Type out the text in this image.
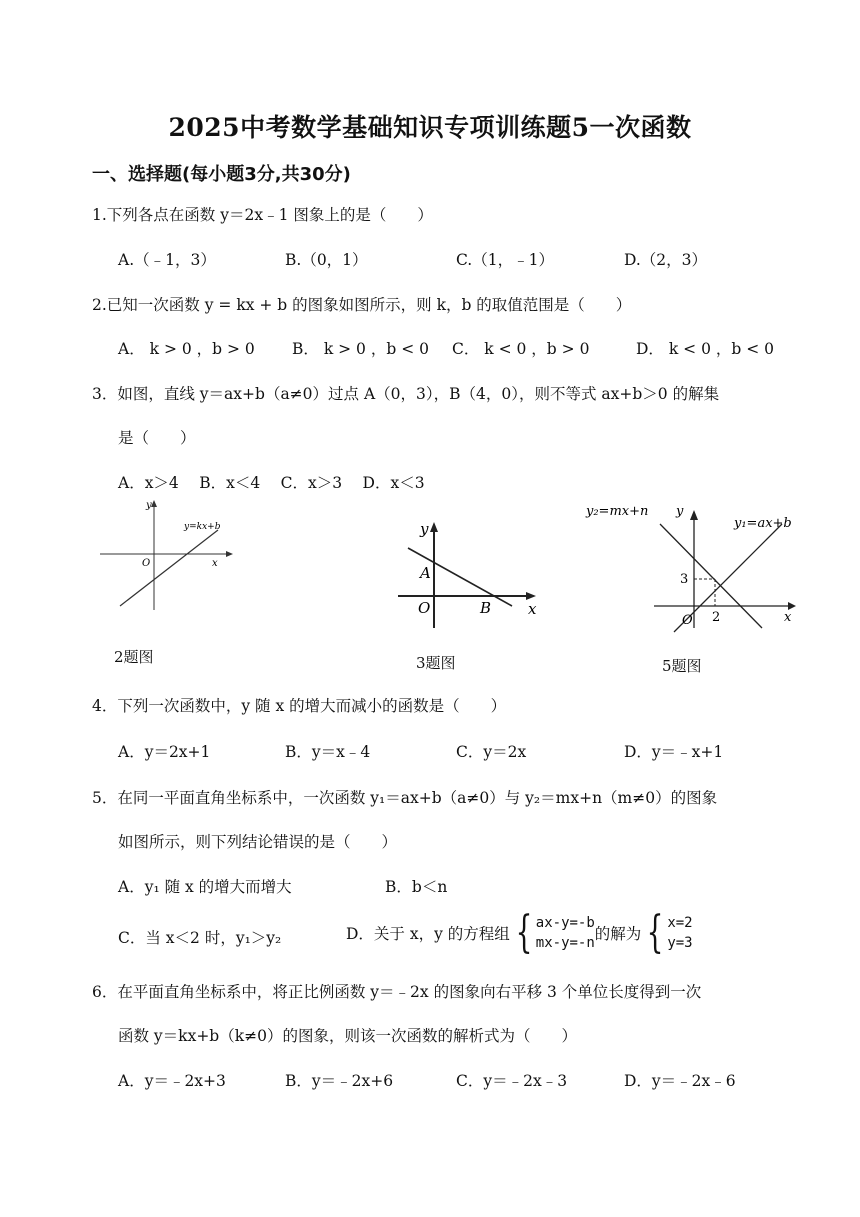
2025中考数学基础知识专项训练题5一次函数
一、选择题(每小题3分,共30分)
1.下列各点在函数 y＝2x﹣1 图象上的是（　　）
A.（﹣1，3）	B.（0，1）	C.（1，﹣1）	D.（2，3）
2.已知一次函数 y = kx + b 的图象如图所示，则 k，b 的取值范围是（　　）
A． k > 0 ，b > 0 B． k > 0 ，b < 0 C． k < 0 ，b > 0	D． k < 0 ，b < 0
3．如图，直线 y＝ax+b（a≠0）过点 A（0，3），B（4，0），则不等式 ax+b＞0 的解集
是（　　）
A．x＞4　 B．x＜4　 C．x＞3　 D．x＜3
y
x
O
y=kx+b
2题图
y
x
O
A
B
3题图
y₂=mx+n
y₁=ax+b
y
x
O
3
2
5题图
4．下列一次函数中，y 随 x 的增大而减小的函数是（　　）
A．y＝2x+1	B．y＝x﹣4	C．y＝2x	D．y＝﹣x+1
5．在同一平面直角坐标系中，一次函数 y₁＝ax+b（a≠0）与 y₂＝mx+n（m≠0）的图象
如图所示，则下列结论错误的是（　　）
A．y₁ 随 x 的增大而增大	B．b＜n
C．当 x＜2 时，y₁＞y₂	D．关于 x，y 的方程组 { ax-y=-b
mx-y=-n 的解为 { x=2
y=3
6．在平面直角坐标系中，将正比例函数 y＝﹣2x 的图象向右平移 3 个单位长度得到一次
函数 y＝kx+b（k≠0）的图象，则该一次函数的解析式为（　　）
A．y＝﹣2x+3	B．y＝﹣2x+6	C．y＝﹣2x﹣3	D．y＝﹣2x﹣6
